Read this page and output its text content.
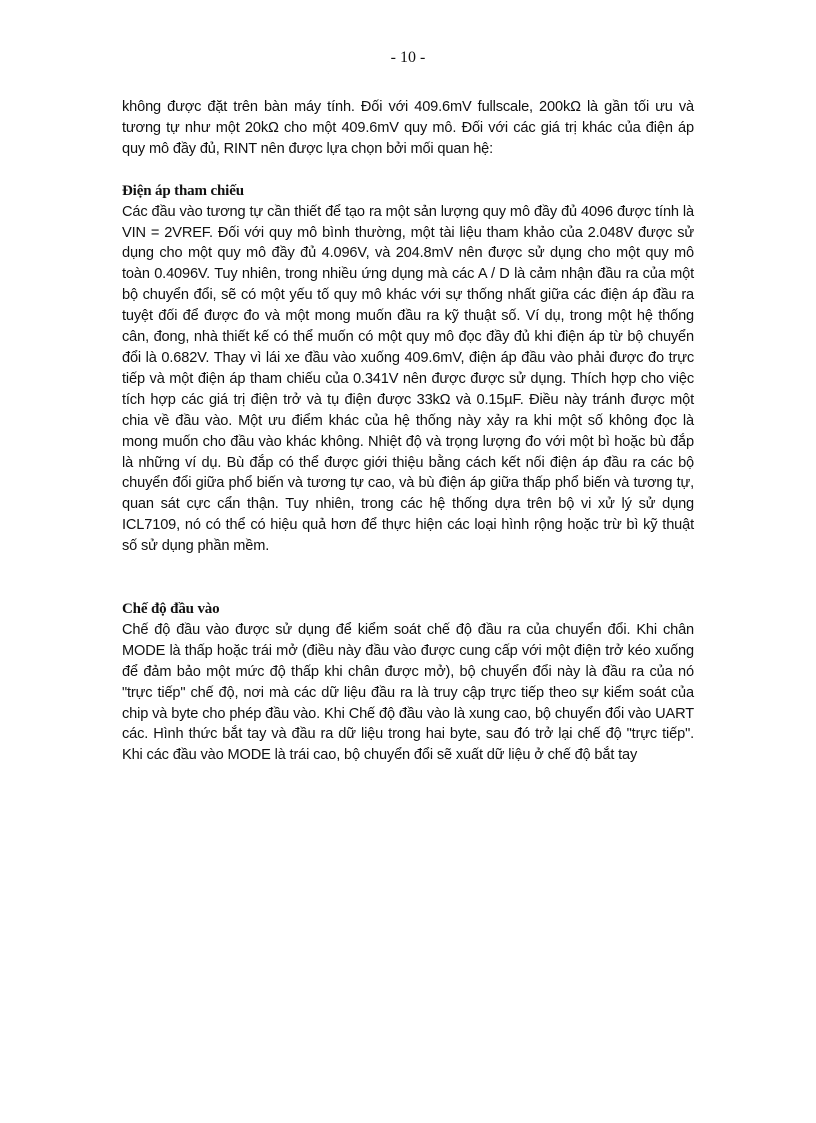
- 10 -

không được đặt trên bàn máy tính. Đối với 409.6mV fullscale, 200kΩ là gần tối ưu và tương tự như một 20kΩ cho một 409.6mV quy mô. Đối với các giá trị khác của điện áp quy mô đầy đủ, RINT nên được lựa chọn bởi mối quan hệ:

Điện áp tham chiếu

Các đầu vào tương tự cần thiết để tạo ra một sản lượng quy mô đầy đủ 4096 được tính là VIN = 2VREF. Đối với quy mô bình thường, một tài liệu tham khảo của 2.048V được sử dụng cho một quy mô đầy đủ 4.096V, và 204.8mV nên được sử dụng cho một quy mô toàn 0.4096V. Tuy nhiên, trong nhiều ứng dụng mà các A / D là cảm nhận đầu ra của một bộ chuyển đổi, sẽ có một yếu tố quy mô khác với sự thống nhất giữa các điện áp đầu ra tuyệt đối để được đo và một mong muốn đầu ra kỹ thuật số. Ví dụ, trong một hệ thống cân, đong, nhà thiết kế có thể muốn có một quy mô đọc đầy đủ khi điện áp từ bộ chuyển đổi là 0.682V. Thay vì lái xe đầu vào xuống 409.6mV, điện áp đầu vào phải được đo trực tiếp và một điện áp tham chiếu của 0.341V nên được được sử dụng. Thích hợp cho việc tích hợp các giá trị điện trở và tụ điện được 33kΩ và 0.15µF. Điều này tránh được một chia về đầu vào. Một ưu điểm khác của hệ thống này xảy ra khi một số không đọc là mong muốn cho đầu vào khác không. Nhiệt độ và trọng lượng đo với một bì hoặc bù đắp là những ví dụ. Bù đắp có thể được giới thiệu bằng cách kết nối điện áp đầu ra các bộ chuyển đổi giữa phổ biến và tương tự cao, và bù điện áp giữa thấp phổ biến và tương tự, quan sát cực cẩn thận. Tuy nhiên, trong các hệ thống dựa trên bộ vi xử lý sử dụng ICL7109, nó có thể có hiệu quả hơn để thực hiện các loại hình rộng hoặc trừ bì kỹ thuật số sử dụng phần mềm.

Chế độ đầu vào

Chế độ đầu vào được sử dụng để kiểm soát chế độ đầu ra của chuyển đổi. Khi chân MODE là thấp hoặc trái mở (điều này đầu vào được cung cấp với một điện trở kéo xuống để đảm bảo một mức độ thấp khi chân được mở), bộ chuyển đổi này là đầu ra của nó "trực tiếp" chế độ, nơi mà các dữ liệu đầu ra là truy cập trực tiếp theo sự kiểm soát của chip và byte cho phép đầu vào. Khi Chế độ đầu vào là xung cao, bộ chuyển đổi vào UART các. Hình thức bắt tay và đầu ra dữ liệu trong hai byte, sau đó trở lại chế độ "trực tiếp". Khi các đầu vào MODE là trái cao, bộ chuyển đổi sẽ xuất dữ liệu ở chế độ bắt tay
